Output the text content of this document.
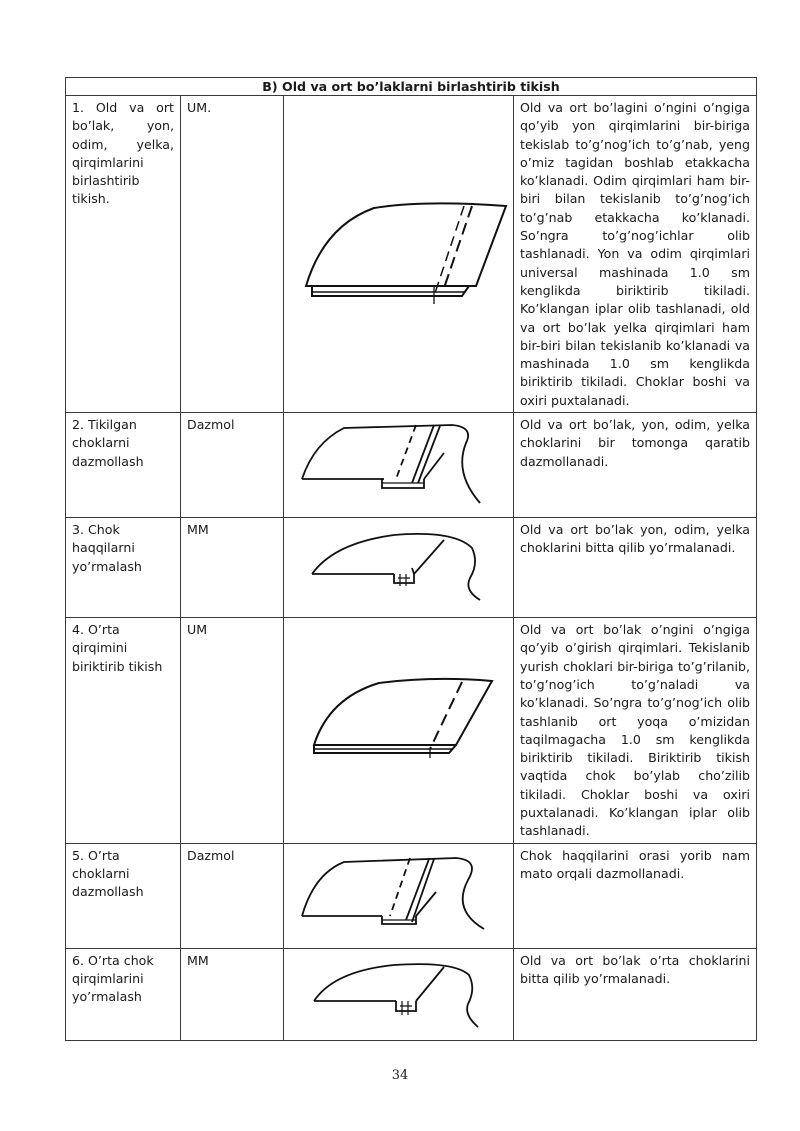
B) Old va ort bo’laklarni birlashtirib tikish			
1. Old va ort bo’lak, yon, odim, yelka, qirqimlarini birlashtirib tikish.	UM.		Old va ort bo’lagini o’ngini o’ngiga qo’yib yon qirqimlarini bir-biriga tekislab to’g’nog’ich to’g’nab, yeng o’miz tagidan boshlab etakkacha ko’klanadi. Odim qirqimlari ham bir-biri bilan tekislanib to’g’nog’ich to’g’nab etakkacha ko’klanadi. So’ngra to’g’nog’ichlar olib tashlanadi. Yon va odim qirqimlari universal mashinada 1.0 sm kenglikda biriktirib tikiladi. Ko’klangan iplar olib tashlanadi, old va ort bo’lak yelka qirqimlari ham bir-biri bilan tekislanib ko’klanadi va mashinada 1.0 sm kenglikda biriktirib tikiladi. Choklar boshi va oxiri puxtalanadi.
2. Tikilgan choklarni dazmollash	Dazmol		Old va ort bo’lak, yon, odim, yelka choklarini bir tomonga qaratib dazmollanadi.
3. Chok haqqilarni yo’rmalash	MM		Old va ort bo’lak yon, odim, yelka choklarini bitta qilib yo’rmalanadi.
4. O’rta qirqimini biriktirib tikish	UM		Old va ort bo’lak o’ngini o’ngiga qo’yib o’girish qirqimlari. Tekislanib yurish choklari bir-biriga to’g’rilanib, to’g’nog’ich to’g’naladi va ko’klanadi. So’ngra to’g’nog’ich olib tashlanib ort yoqa o’mizidan taqilmagacha 1.0 sm kenglikda biriktirib tikiladi. Biriktirib tikish vaqtida chok bo’ylab cho’zilib tikiladi. Choklar boshi va oxiri puxtalanadi. Ko’klangan iplar olib tashlanadi.
5. O’rta choklarni dazmollash	Dazmol		Chok haqqilarini orasi yorib nam mato orqali dazmollanadi.
6. O’rta chok qirqimlarini yo’rmalash	MM		Old va ort bo’lak o’rta choklarini bitta qilib yo’rmalanadi.
34
